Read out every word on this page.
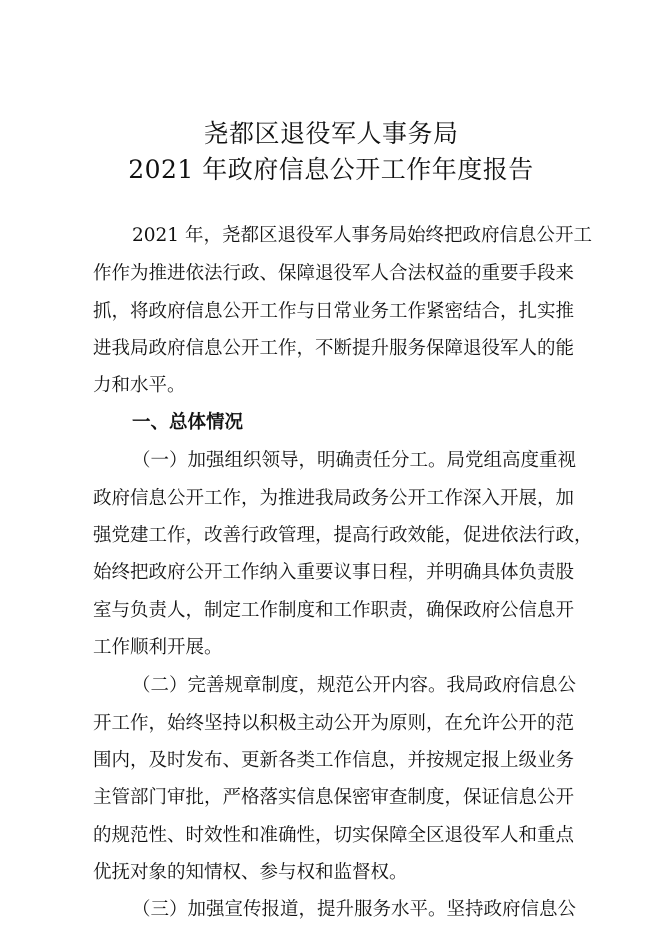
尧都区退役军人事务局
2021 年政府信息公开工作年度报告
2021 年，尧都区退役军人事务局始终把政府信息公开工
作作为推进依法行政、保障退役军人合法权益的重要手段来
抓，将政府信息公开工作与日常业务工作紧密结合，扎实推
进我局政府信息公开工作，不断提升服务保障退役军人的能
力和水平。
一、总体情况
（一）加强组织领导，明确责任分工。局党组高度重视
政府信息公开工作，为推进我局政务公开工作深入开展，加
强党建工作，改善行政管理，提高行政效能，促进依法行政，
始终把政府公开工作纳入重要议事日程，并明确具体负责股
室与负责人，制定工作制度和工作职责，确保政府公信息开
工作顺利开展。
（二）完善规章制度，规范公开内容。我局政府信息公
开工作，始终坚持以积极主动公开为原则，在允许公开的范
围内，及时发布、更新各类工作信息，并按规定报上级业务
主管部门审批，严格落实信息保密审查制度，保证信息公开
的规范性、时效性和准确性，切实保障全区退役军人和重点
优抚对象的知情权、参与权和监督权。
（三）加强宣传报道，提升服务水平。坚持政府信息公
